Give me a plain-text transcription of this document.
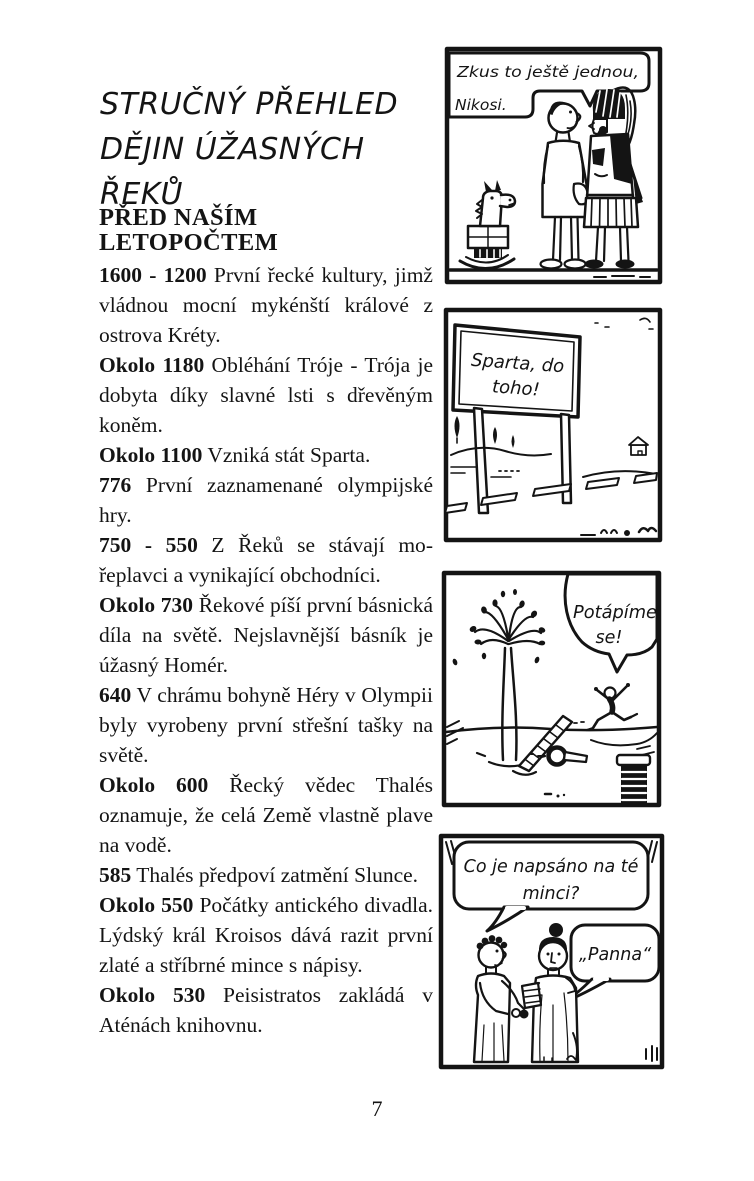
STRUČNÝ PŘEHLED
DĚJIN ÚŽASNÝCH
ŘEKŮ
PŘED NAŠÍM
LETOPOČTEM

1600 - 1200 První řecké kultury, jimž vládnou mocní mykénští králové z ostrova Kréty.

Okolo 1180 Obléhání Tróje - Trója je dobyta díky slavné lsti s dřevěným koněm.

Okolo 1100 Vzniká stát Sparta.

776 První zaznamenané olympijské hry.

750 - 550 Z Řeků se stávají mořeplavci a vynikající obchodníci.

Okolo 730 Řekové píší první básnická díla na světě. Nejslavnější básník je úžasný Homér.

640 V chrámu bohyně Héry v Olympii byly vyrobeny první střešní tašky na světě.

Okolo 600 Řecký vědec Thalés oznamuje, že celá Země vlastně plave na vodě.

585 Thalés předpoví zatmění Slunce.

Okolo 550 Počátky antického divadla. Lýdský král Kroisos dává razit první zlaté a stříbrné mince s nápisy.

Okolo 530 Peisistratos zakládá v Aténách knihovnu.

Zkus to ještě jednou,
Nikosi.
Sparta, do
toho!
Potápíme
se!
Co je napsáno na té
minci?
„Panna“
7
